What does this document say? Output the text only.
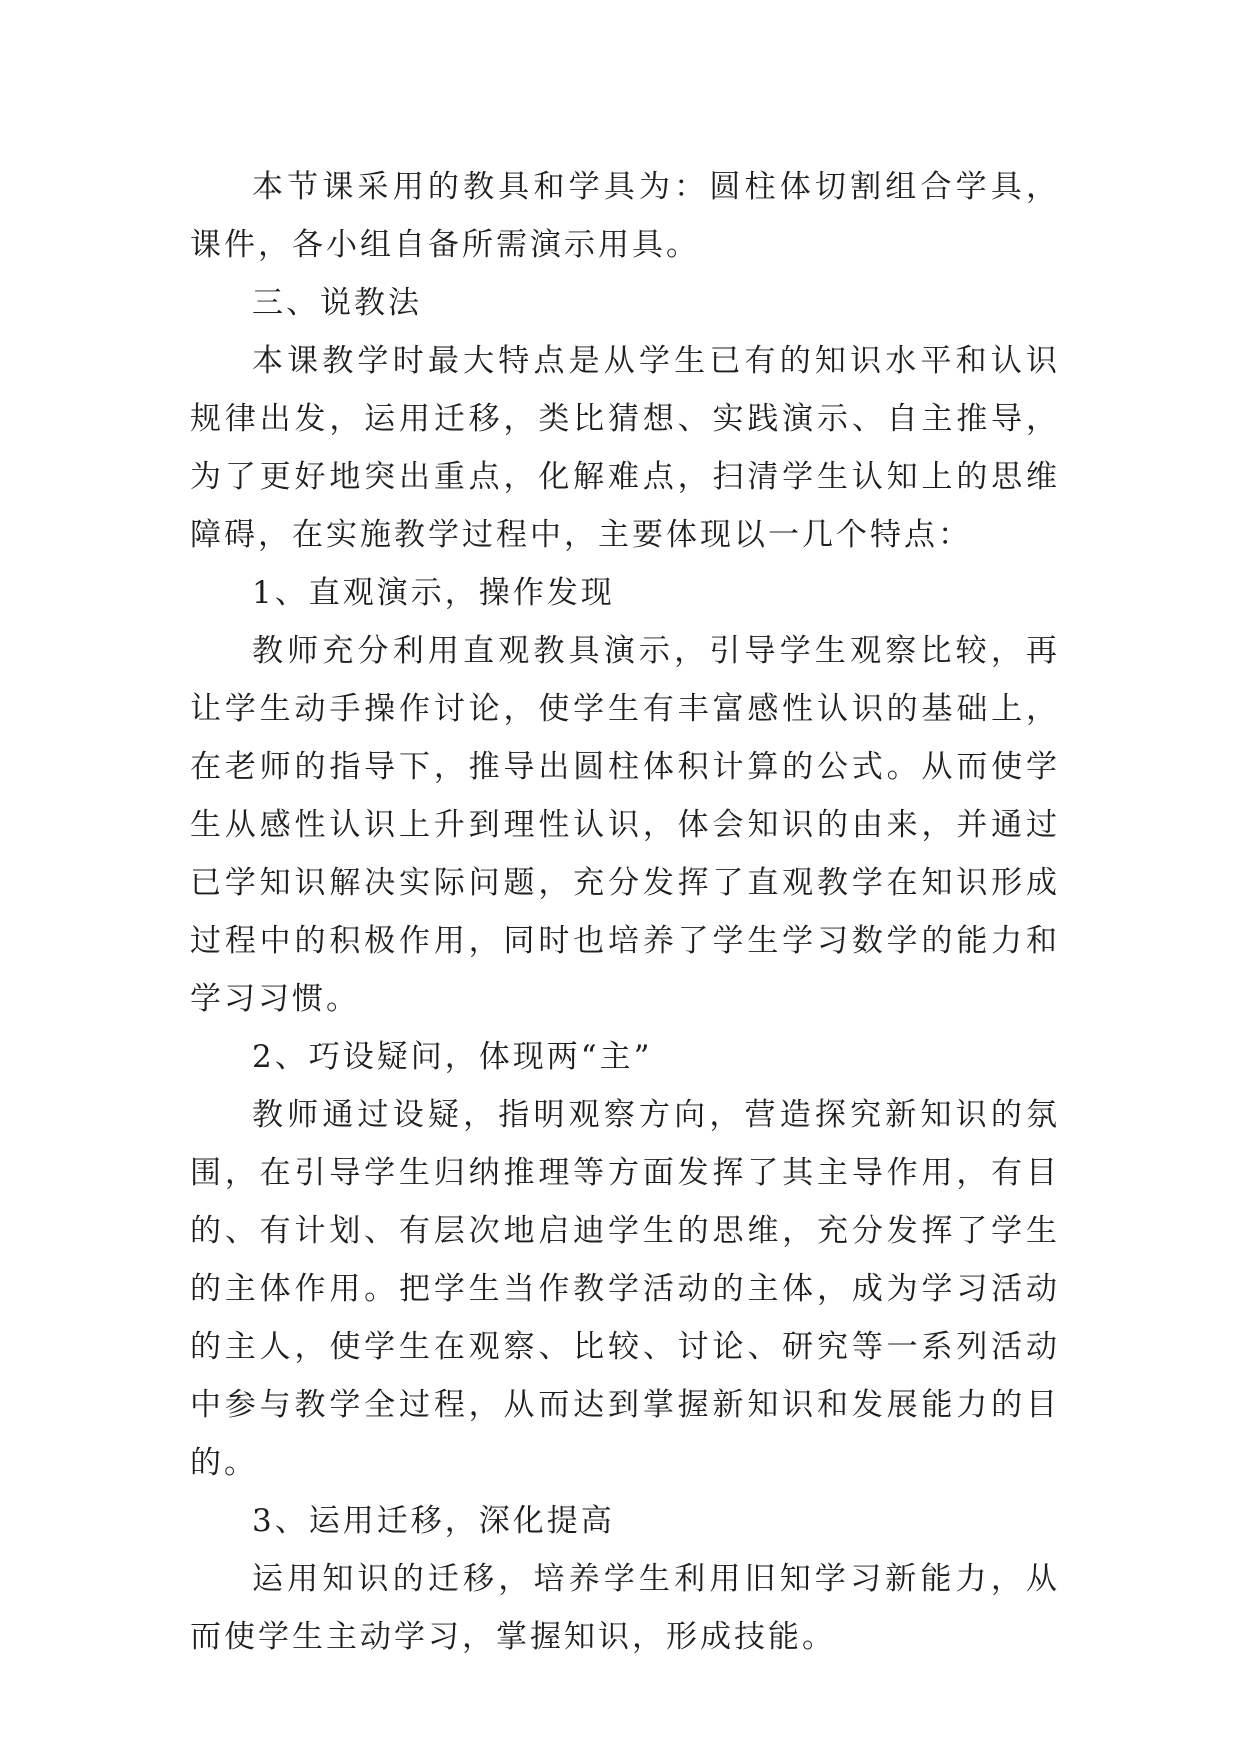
本节课采用的教具和学具为：圆柱体切割组合学具，课件，各小组自备所需演示用具。

三、说教法

本课教学时最大特点是从学生已有的知识水平和认识规律出发，运用迁移，类比猜想、实践演示、自主推导，为了更好地突出重点，化解难点，扫清学生认知上的思维障碍，在实施教学过程中，主要体现以一几个特点：

1、直观演示，操作发现

教师充分利用直观教具演示，引导学生观察比较，再让学生动手操作讨论，使学生有丰富感性认识的基础上，在老师的指导下，推导出圆柱体积计算的公式。从而使学生从感性认识上升到理性认识，体会知识的由来，并通过已学知识解决实际问题，充分发挥了直观教学在知识形成过程中的积极作用，同时也培养了学生学习数学的能力和学习习惯。

2、巧设疑问，体现两“主”

教师通过设疑，指明观察方向，营造探究新知识的氛围，在引导学生归纳推理等方面发挥了其主导作用，有目的、有计划、有层次地启迪学生的思维，充分发挥了学生的主体作用。把学生当作教学活动的主体，成为学习活动的主人，使学生在观察、比较、讨论、研究等一系列活动中参与教学全过程，从而达到掌握新知识和发展能力的目的。

3、运用迁移，深化提高

运用知识的迁移，培养学生利用旧知学习新能力，从而使学生主动学习，掌握知识，形成技能。
